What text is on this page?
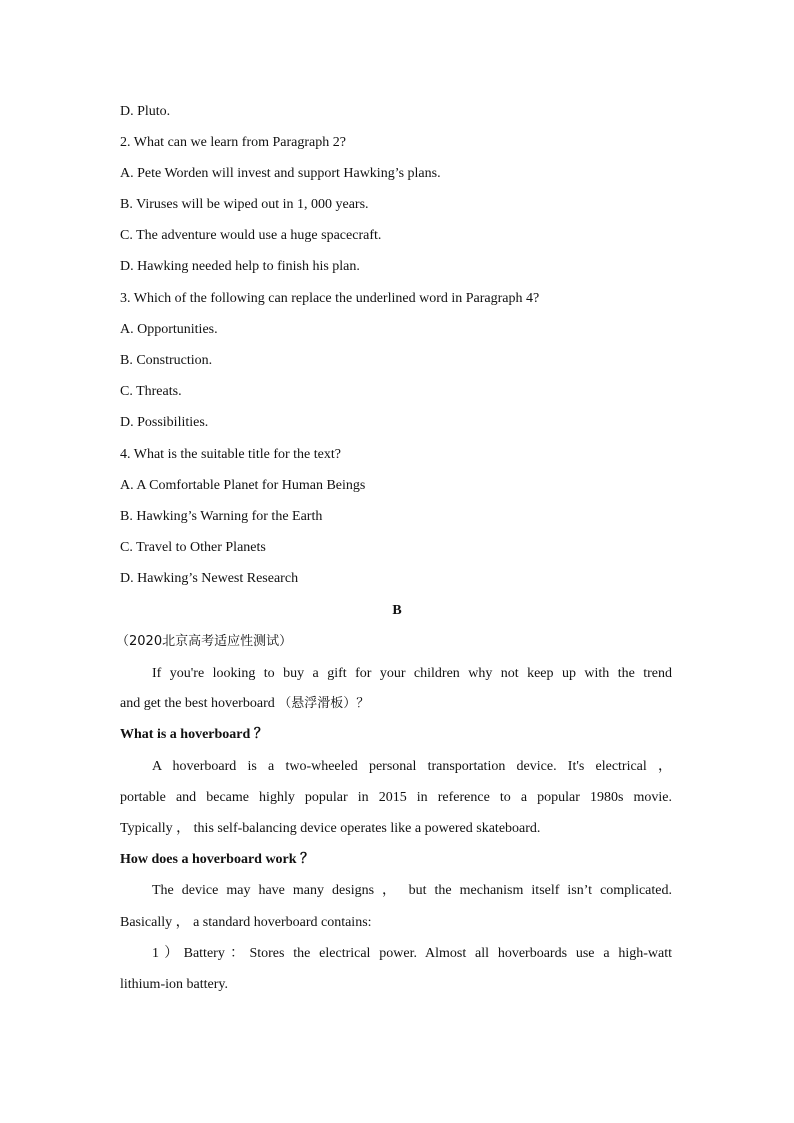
D. Pluto.
2. What can we learn from Paragraph 2?
A. Pete Worden will invest and support Hawking’s plans.
B. Viruses will be wiped out in 1, 000 years.
C. The adventure would use a huge spacecraft.
D. Hawking needed help to finish his plan.
3. Which of the following can replace the underlined word in Paragraph 4?
A. Opportunities.
B. Construction.
C. Threats.
D. Possibilities.
4. What is the suitable title for the text?
A. A Comfortable Planet for Human Beings
B. Hawking’s Warning for the Earth
C. Travel to Other Planets
D. Hawking’s Newest Research
B
（2020北京高考适应性测试）
If you're looking to buy a gift for your children why not keep up with the trend
and get the best hoverboard （悬浮滑板）？
What is a hoverboard ？
A hoverboard is a two-wheeled personal transportation device. It's electrical ，
portable and became highly popular in 2015 in reference to a popular 1980s movie.
Typically ， this self-balancing device operates like a powered skateboard.
How does a hoverboard work ？
The device may have many designs ， but the mechanism itself isn’t complicated.
Basically ， a standard hoverboard contains:
1）Battery：Stores the electrical power. Almost all hoverboards use a high-watt
lithium-ion battery.
